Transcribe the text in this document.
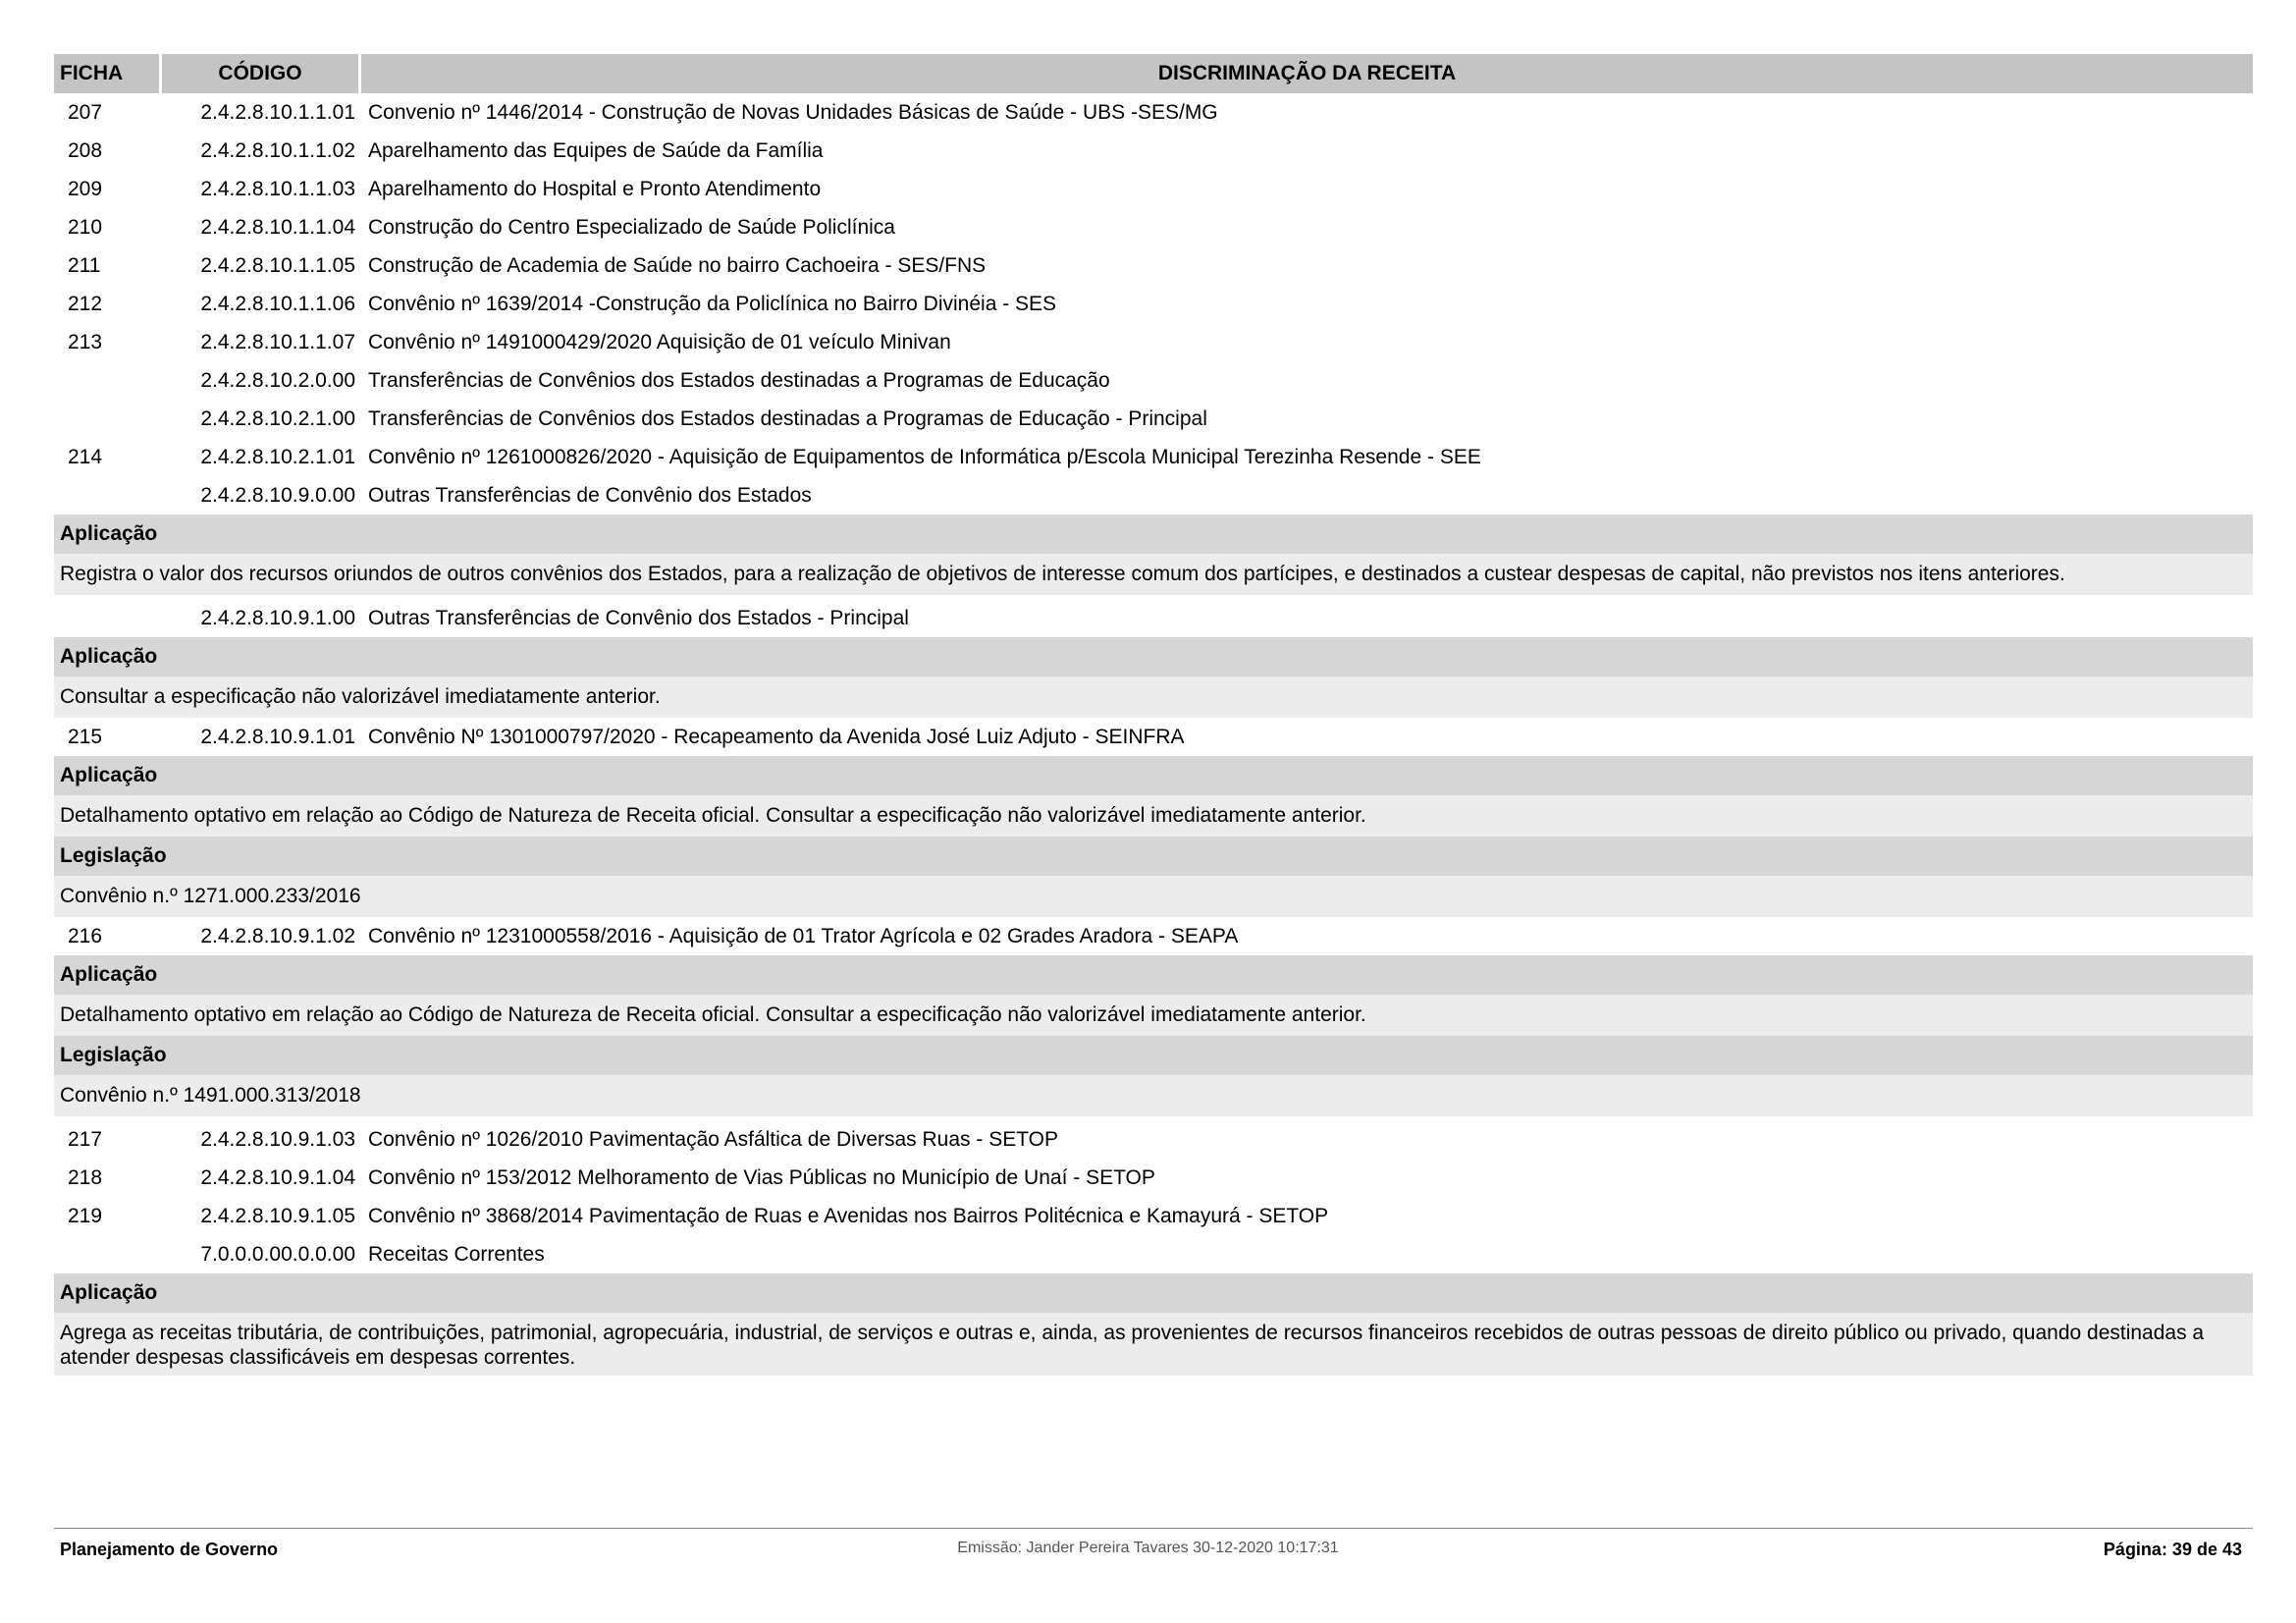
FICHA	CÓDIGO	DISCRIMINAÇÃO DA RECEITA
207	2.4.2.8.10.1.1.01 Convenio nº 1446/2014 - Construção de Novas Unidades Básicas de Saúde - UBS -SES/MG
208	2.4.2.8.10.1.1.02 Aparelhamento das Equipes de Saúde da Família
209	2.4.2.8.10.1.1.03 Aparelhamento do Hospital e Pronto Atendimento
210	2.4.2.8.10.1.1.04 Construção do Centro Especializado de Saúde Policlínica
211	2.4.2.8.10.1.1.05 Construção de Academia de Saúde no bairro Cachoeira - SES/FNS
212	2.4.2.8.10.1.1.06 Convênio nº 1639/2014 -Construção da Policlínica no Bairro Divinéia - SES
213	2.4.2.8.10.1.1.07 Convênio nº 1491000429/2020 Aquisição de 01 veículo Minivan
2.4.2.8.10.2.0.00 Transferências de Convênios dos Estados destinadas a Programas de Educação
2.4.2.8.10.2.1.00 Transferências de Convênios dos Estados destinadas a Programas de Educação - Principal
214	2.4.2.8.10.2.1.01 Convênio nº 1261000826/2020 - Aquisição de Equipamentos de Informática p/Escola Municipal Terezinha Resende - SEE
2.4.2.8.10.9.0.00 Outras Transferências de Convênio dos Estados
Aplicação
Registra o valor dos recursos oriundos de outros convênios dos Estados, para a realização de objetivos de interesse comum dos partícipes, e destinados a custear despesas de capital, não previstos nos itens anteriores.
2.4.2.8.10.9.1.00 Outras Transferências de Convênio dos Estados - Principal
Aplicação
Consultar a especificação não valorizável imediatamente anterior.
215	2.4.2.8.10.9.1.01 Convênio Nº 1301000797/2020 - Recapeamento da Avenida José Luiz Adjuto - SEINFRA
Aplicação
Detalhamento optativo em relação ao Código de Natureza de Receita oficial. Consultar a especificação não valorizável imediatamente anterior.
Legislação
Convênio n.º 1271.000.233/2016
216	2.4.2.8.10.9.1.02 Convênio nº 1231000558/2016 - Aquisição de 01 Trator Agrícola e 02 Grades Aradora - SEAPA
Aplicação
Detalhamento optativo em relação ao Código de Natureza de Receita oficial. Consultar a especificação não valorizável imediatamente anterior.
Legislação
Convênio n.º 1491.000.313/2018
217	2.4.2.8.10.9.1.03 Convênio nº 1026/2010 Pavimentação Asfáltica de Diversas Ruas - SETOP
218	2.4.2.8.10.9.1.04 Convênio nº 153/2012 Melhoramento de Vias Públicas no Município de Unaí - SETOP
219	2.4.2.8.10.9.1.05 Convênio nº 3868/2014 Pavimentação de Ruas e Avenidas nos Bairros Politécnica e Kamayurá - SETOP
7.0.0.0.00.0.0.00 Receitas Correntes
Aplicação
Agrega as receitas tributária, de contribuições, patrimonial, agropecuária, industrial, de serviços e outras e, ainda, as provenientes de recursos financeiros recebidos de outras pessoas de direito público ou privado, quando destinadas a atender despesas classificáveis em despesas correntes.
Planejamento de Governo	Emissão: Jander Pereira Tavares 30-12-2020 10:17:31	Página: 39 de 43
